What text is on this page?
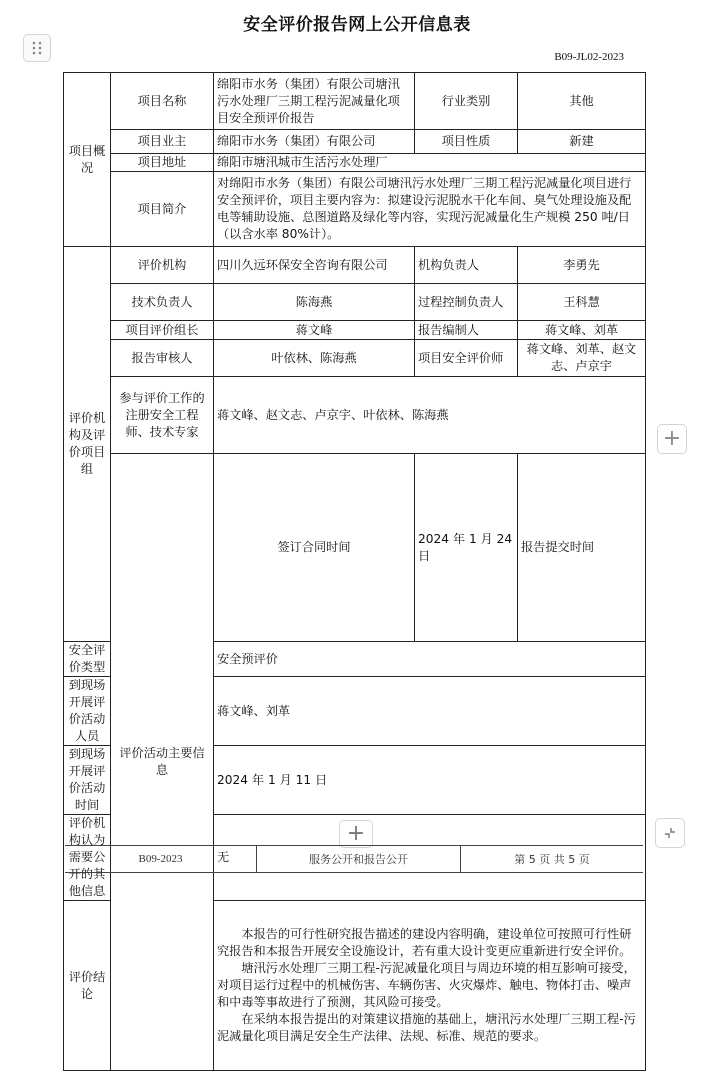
安全评价报告网上公开信息表
B09-JL02-2023
项目概况	项目名称	绵阳市水务（集团）有限公司塘汛污水处理厂三期工程污泥减量化项目安全预评价报告	行业类别	其他	
	项目业主	绵阳市水务（集团）有限公司	项目性质	新建	
	项目地址	绵阳市塘汛城市生活污水处理厂			
	项目简介	对绵阳市水务（集团）有限公司塘汛污水处理厂三期工程污泥减量化项目进行安全预评价，项目主要内容为：拟建设污泥脱水干化车间、臭气处理设施及配电等辅助设施、总图道路及绿化等内容，实现污泥减量化生产规模 250 吨/日（以含水率 80%计）。			
评价机构及评价项目组	评价机构	四川久远环保安全咨询有限公司	机构负责人	李勇先	
	技术负责人	陈海燕	过程控制负责人	王科慧	
	项目评价组长	蒋文峰	报告编制人	蒋文峰、刘革	
	报告审核人	叶依林、陈海燕	项目安全评价师	蒋文峰、刘革、赵文志、卢京宇	
	参与评价工作的注册安全工程师、技术专家	蒋文峰、赵文志、卢京宇、叶依林、陈海燕			
	评价活动主要信息	签订合同时间	2024 年 1 月 24 日	报告提交时间	
安全评价类型		安全预评价			
到现场开展评价活动人员		蒋文峰、刘革			
到现场开展评价活动时间		2024 年 1 月 11 日			
评价机构认为需要公开的其他信息		无			
评价结论		本报告的可行性研究报告描述的建设内容明确，建设单位可按照可行性研究报告和本报告开展安全设施设计，若有重大设计变更应重新进行安全评价。
塘汛污水处理厂三期工程-污泥减量化项目与周边环境的相互影响可接受，对项目运行过程中的机械伤害、车辆伤害、火灾爆炸、触电、物体打击、噪声和中毒等事故进行了预测，其风险可接受。
在采纳本报告提出的对策建议措施的基础上，塘汛污水处理厂三期工程-污泥减量化项目满足安全生产法律、法规、标准、规范的要求。			
+
+
B09-2023	服务公开和报告公开	第 5 页 共 5 页
